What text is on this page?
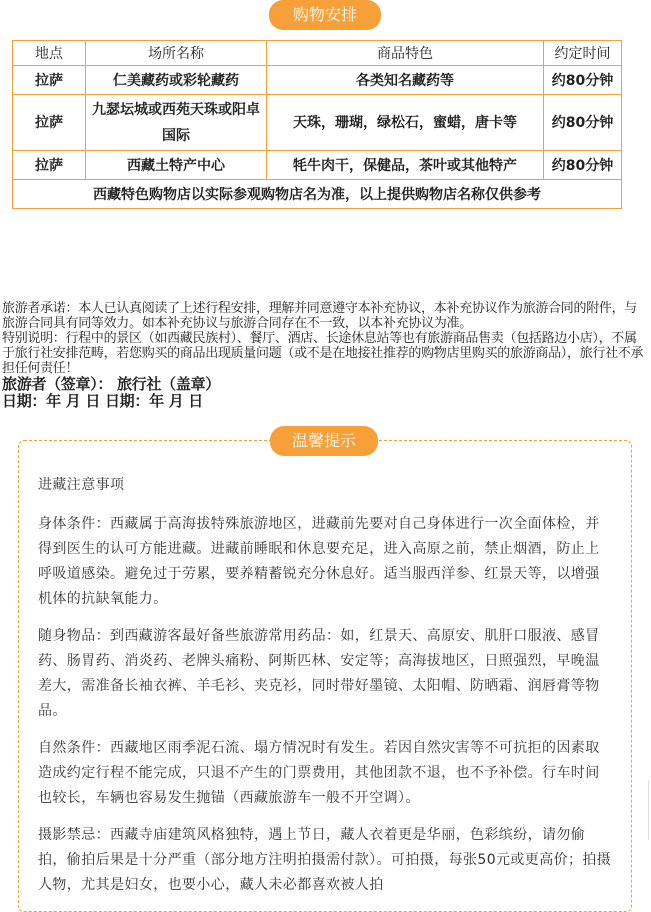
购物安排
地点	场所名称	商品特色	约定时间
拉萨	仁美藏药或彩轮藏药	各类知名藏药等	约80分钟
拉萨	九瑟坛城或西苑天珠或阳卓国际	天珠，珊瑚，绿松石，蜜蜡，唐卡等	约80分钟
拉萨	西藏土特产中心	牦牛肉干，保健品，茶叶或其他特产	约80分钟
西藏特色购物店以实际参观购物店名为准，以上提供购物店名称仅供参考			
旅游者承诺：本人已认真阅读了上述行程安排，理解并同意遵守本补充协议，本补充协议作为旅游合同的附件，与旅游合同具有同等效力。如本补充协议与旅游合同存在不一致，以本补充协议为准。
特别说明：行程中的景区（如西藏民族村）、餐厅、酒店、长途休息站等也有旅游商品售卖（包括路边小店），不属于旅行社安排范畴，若您购买的商品出现质量问题（或不是在地接社推荐的购物店里购买的旅游商品），旅行社不承担任何责任！
旅游者（签章）： 旅行社（盖章）
日期：年 月 日 日期：年 月 日
温馨提示

进藏注意事项

身体条件：西藏属于高海拔特殊旅游地区，进藏前先要对自己身体进行一次全面体检，并得到医生的认可方能进藏。进藏前睡眠和休息要充足，进入高原之前，禁止烟酒，防止上呼吸道感染。避免过于劳累，要养精蓄锐充分休息好。适当服西洋参、红景天等，以增强机体的抗缺氧能力。

随身物品：到西藏游客最好备些旅游常用药品：如，红景天、高原安、肌肝口服液、感冒药、肠胃药、消炎药、老牌头痛粉、阿斯匹林、安定等；高海拔地区，日照强烈，早晚温差大，需准备长袖衣裤、羊毛衫、夹克衫，同时带好墨镜、太阳帽、防晒霜、润唇膏等物品。

自然条件：西藏地区雨季泥石流、塌方情况时有发生。若因自然灾害等不可抗拒的因素取造成约定行程不能完成，只退不产生的门票费用，其他团款不退，也不予补偿。行车时间也较长，车辆也容易发生抛锚（西藏旅游车一般不开空调）。

摄影禁忌：西藏寺庙建筑风格独特，遇上节日，藏人衣着更是华丽，色彩缤纷，请勿偷拍，偷拍后果是十分严重（部分地方注明拍摄需付款）。可拍摄，每张50元或更高价；拍摄人物，尤其是妇女，也要小心，藏人未必都喜欢被人拍
